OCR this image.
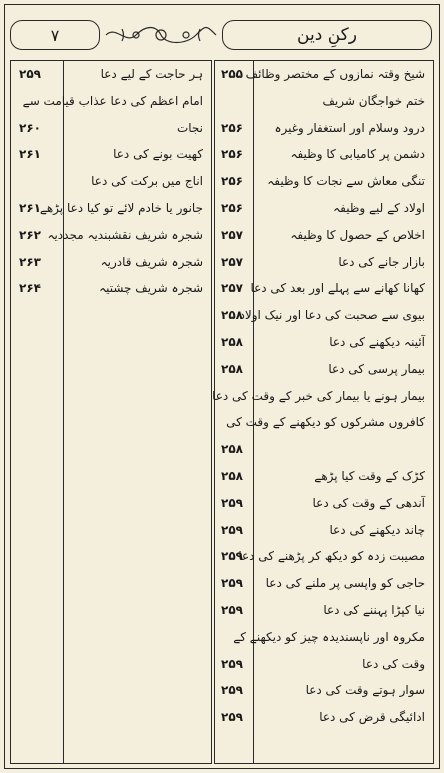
۷	رکنِ دین
شیخ وقتہ نمازوں کے مختصر وظائف
۲۵۵
ختم خواجگان شریف
درود وسلام اور استغفار وغیرہ
۲۵۶
دشمن پر کامیابی کا وظیفہ
۲۵۶
تنگی معاش سے نجات کا وظیفہ
۲۵۶
اولاد کے لیے وظیفہ
۲۵۶
اخلاص کے حصول کا وظیفہ
۲۵۷
بازار جانے کی دعا
۲۵۷
کھانا کھانے سے پہلے اور بعد کی دعا
۲۵۷
بیوی سے صحبت کی دعا اور نیک اولاد
۲۵۸
آئینہ دیکھنے کی دعا
۲۵۸
بیمار پرسی کی دعا
۲۵۸
بیمار ہونے یا بیمار کی خبر کے وقت کی دعا
کافروں مشرکوں کو دیکھنے کے وقت کی
۲۵۸
کڑک کے وقت کیا پڑھے
۲۵۸
آندھی کے وقت کی دعا
۲۵۹
چاند دیکھنے کی دعا
۲۵۹
مصیبت زدہ کو دیکھ کر پڑھنے کی دعا
۲۵۹
حاجی کو واپسی پر ملنے کی دعا
۲۵۹
نیا کپڑا پہننے کی دعا
۲۵۹
مکروہ اور ناپسندیدہ چیز کو دیکھنے کے
وقت کی دعا
۲۵۹
سوار ہوتے وقت کی دعا
۲۵۹
ادائیگی قرض کی دعا
۲۵۹
ہر حاجت کے لیے دعا
۲۵۹
امام اعظم کی دعا عذاب قیامت سے
نجات
۲۶۰
کھیت بونے کی دعا
۲۶۱
اناج میں برکت کی دعا
جانور یا خادم لائے تو کیا دعا پڑھے
۲۶۱
شجرہ شریف نقشبندیہ مجددیہ
۲۶۲
شجرہ شریف قادریہ
۲۶۳
شجرہ شریف چشتیہ
۲۶۴
